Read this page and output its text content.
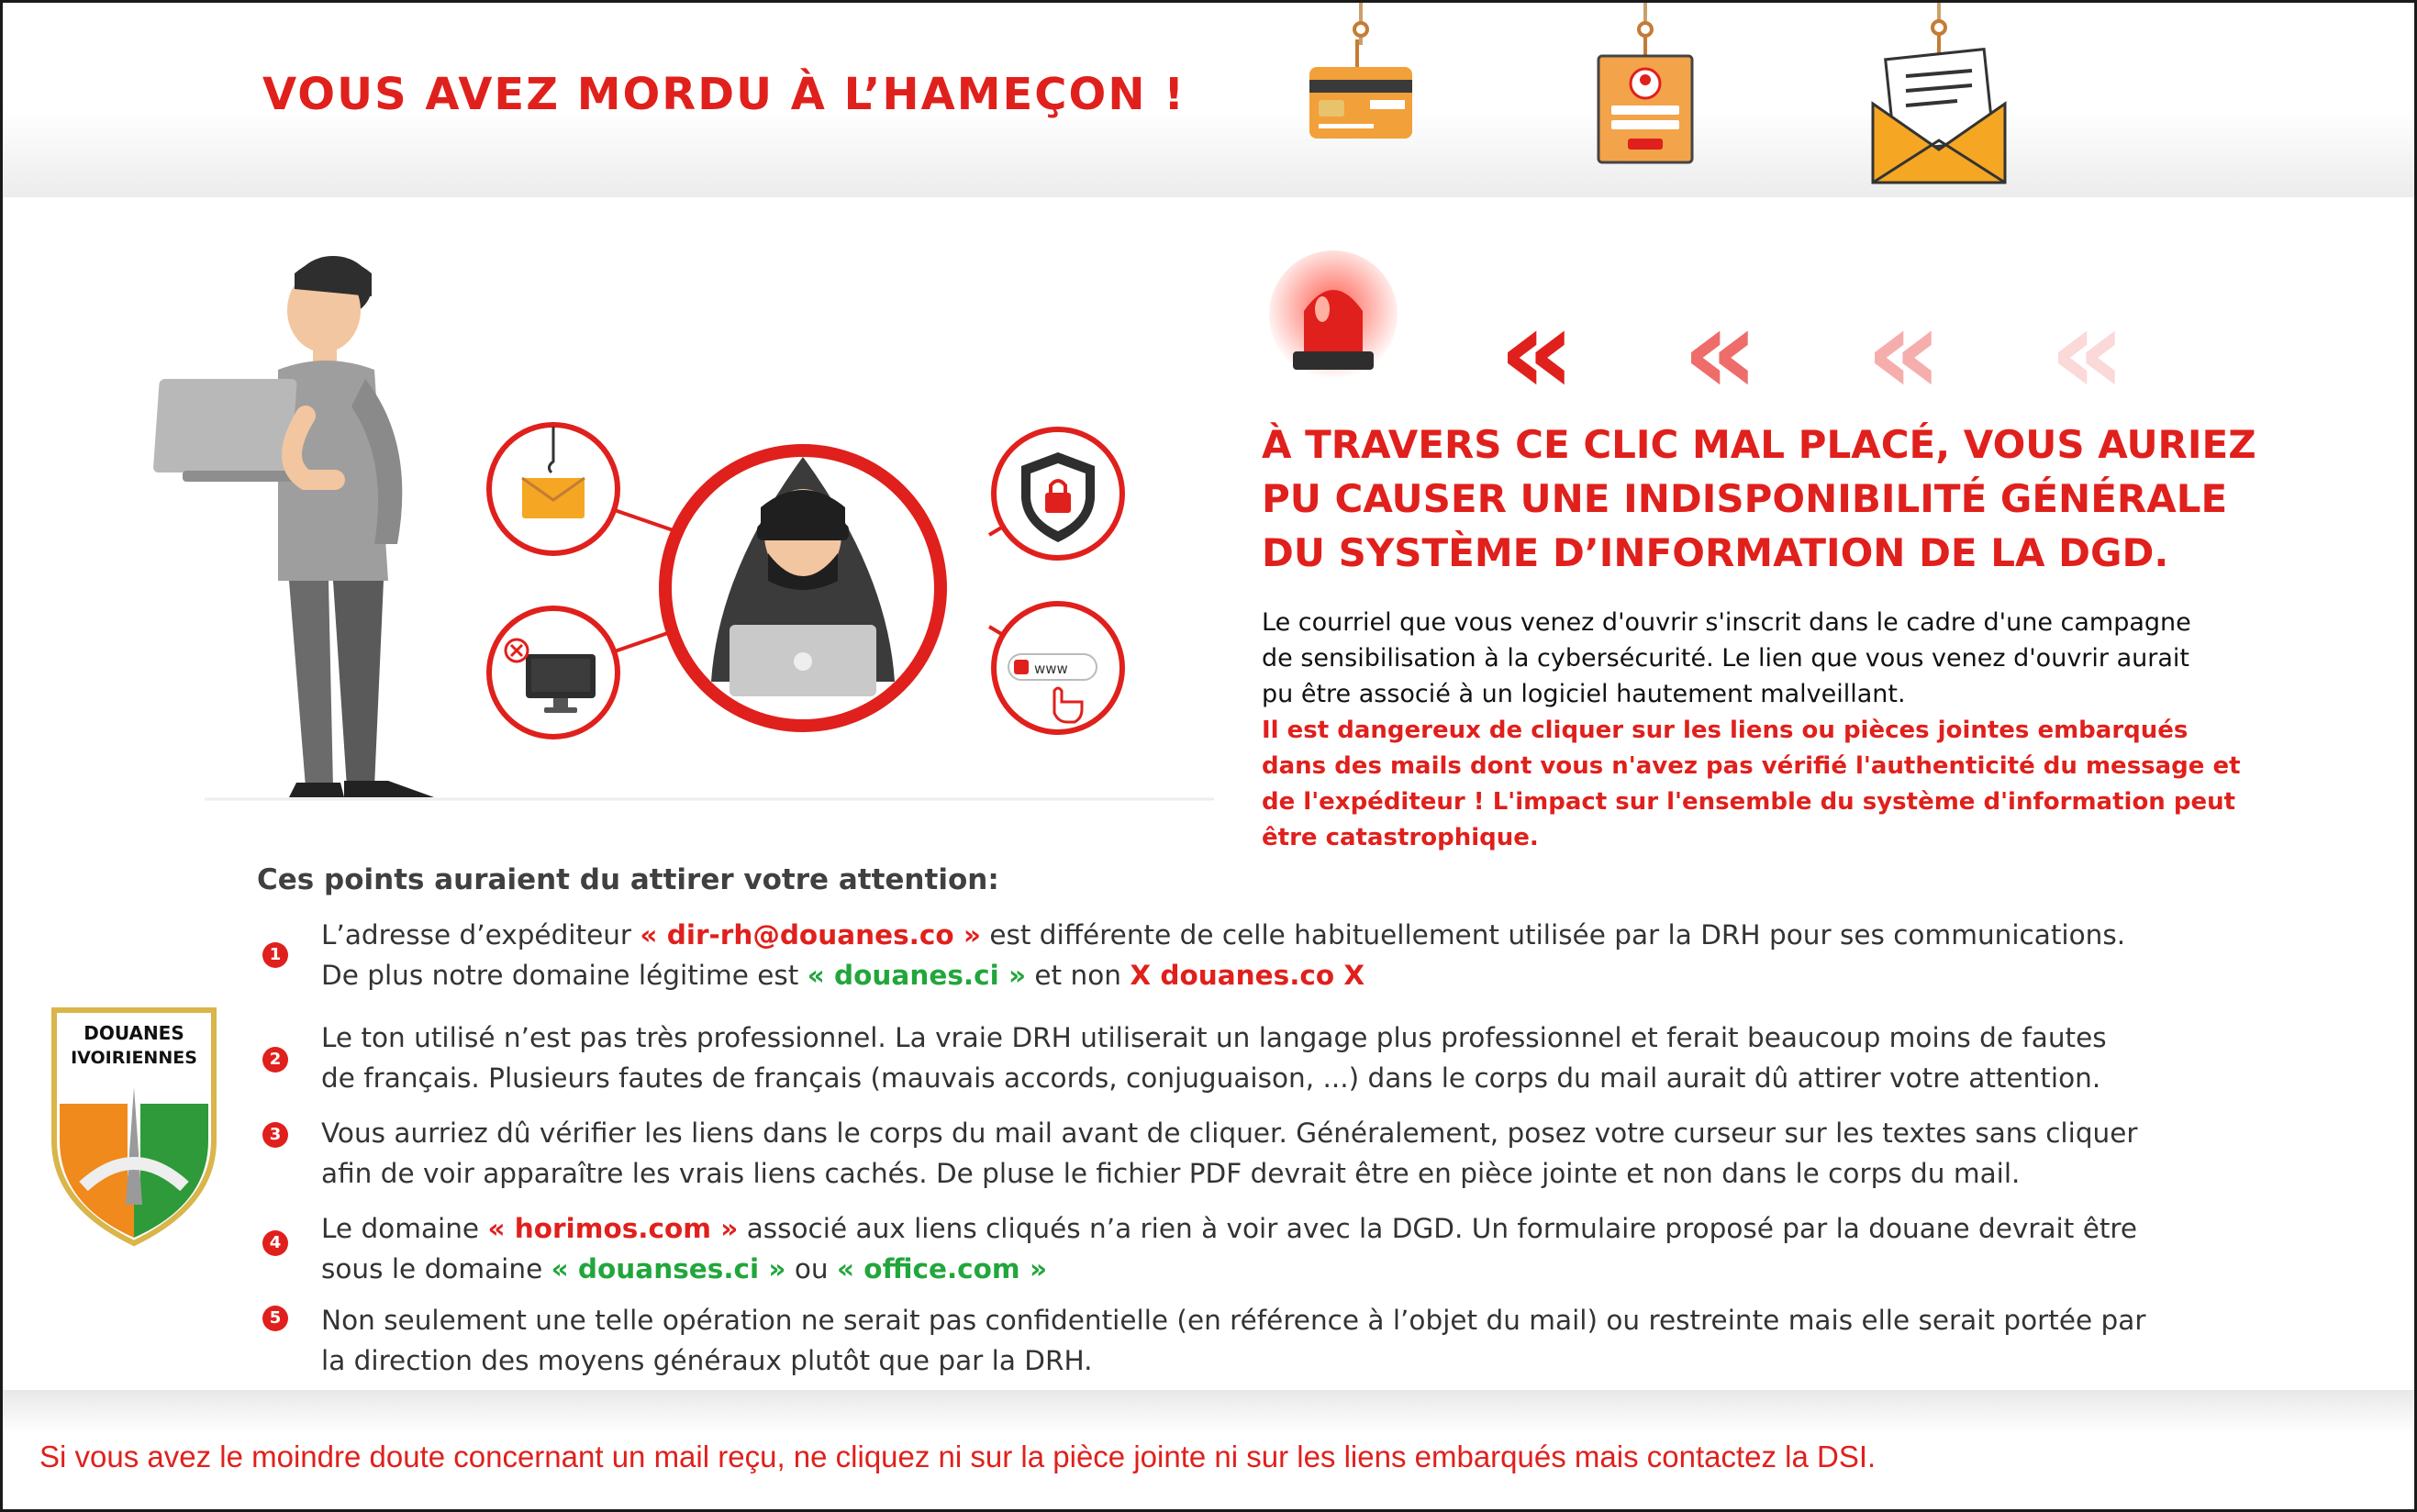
VOUS AVEZ MORDU À L’HAMEÇON !
www
« « « «
À TRAVERS CE CLIC MAL PLACÉ, VOUS AURIEZ
PU CAUSER UNE INDISPONIBILITÉ GÉNÉRALE
DU SYSTÈME D’INFORMATION DE LA DGD.
Le courriel que vous venez d'ouvrir s'inscrit dans le cadre d'une campagne
de sensibilisation à la cybersécurité. Le lien que vous venez d'ouvrir aurait
pu être associé à un logiciel hautement malveillant.
Il est dangereux de cliquer sur les liens ou pièces jointes embarqués
dans des mails dont vous n'avez pas vérifié l'authenticité du message et
de l'expéditeur ! L'impact sur l'ensemble du système d'information peut
être catastrophique.
DOUANES
IVOIRIENNES
Ces points auraient du attirer votre attention:
1
L’adresse d’expéditeur « dir-rh@douanes.co » est différente de celle habituellement utilisée par la DRH pour ses communications.
De plus notre domaine légitime est « douanes.ci » et non X douanes.co X
2
Le ton utilisé n’est pas très professionnel. La vraie DRH utiliserait un langage plus professionnel et ferait beaucoup moins de fautes
de français. Plusieurs fautes de français (mauvais accords, conjuguaison, ...) dans le corps du mail aurait dû attirer votre attention.
3 Vous aurriez dû vérifier les liens dans le corps du mail avant de cliquer. Généralement, posez votre curseur sur les textes sans cliquer
afin de voir apparaître les vrais liens cachés. De pluse le fichier PDF devrait être en pièce jointe et non dans le corps du mail.
4 Le domaine « horimos.com » associé aux liens cliqués n’a rien à voir avec la DGD. Un formulaire proposé par la douane devrait être
sous le domaine « douanses.ci » ou « office.com »
5 Non seulement une telle opération ne serait pas confidentielle (en référence à l’objet du mail) ou restreinte mais elle serait portée par
la direction des moyens généraux plutôt que par la DRH.
Si vous avez le moindre doute concernant un mail reçu, ne cliquez ni sur la pièce jointe ni sur les liens embarqués mais contactez la DSI.
